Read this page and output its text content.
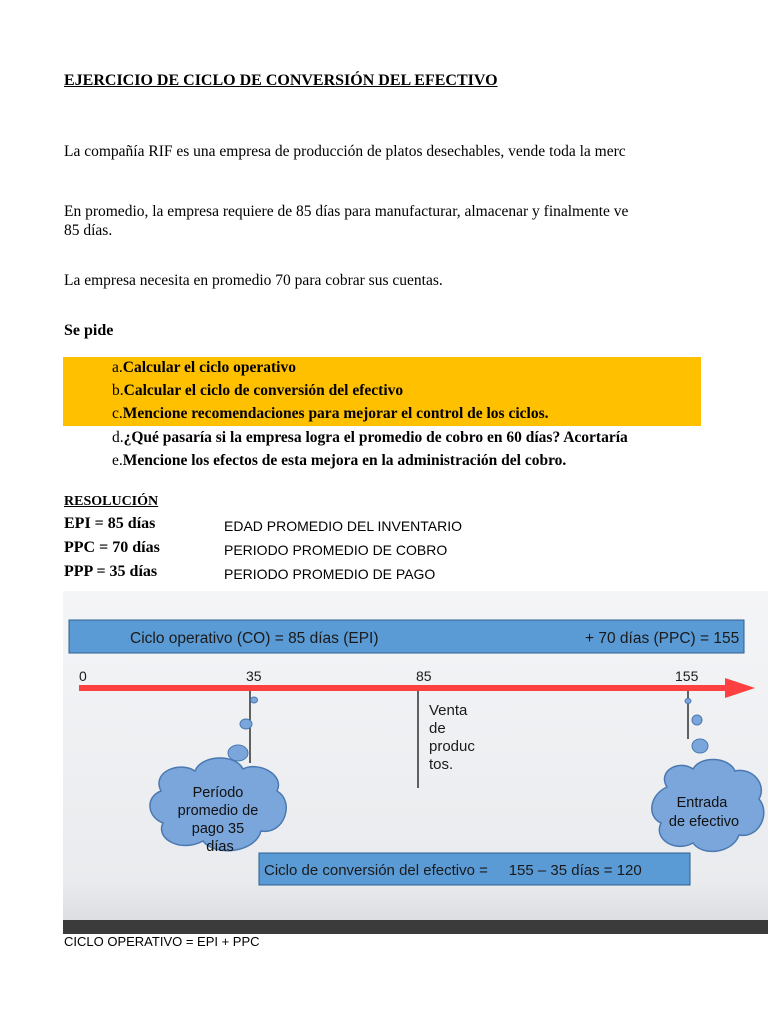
EJERCICIO DE CICLO DE CONVERSIÓN DEL EFECTIVO
La compañía RIF es una empresa de producción de platos desechables, vende toda la merc
En promedio, la empresa requiere de 85 días para manufacturar, almacenar y finalmente ve
85 días.
La empresa necesita en promedio 70 para cobrar sus cuentas.
Se pide
a.Calcular el ciclo operativo
b.Calcular el ciclo de conversión del efectivo
c.Mencione recomendaciones para mejorar el control de los ciclos.
d.¿Qué pasaría si la empresa logra el promedio de cobro en 60 días? Acortaría
e.Mencione los efectos de esta mejora en la administración del cobro.
RESOLUCIÓN
EPI = 85 días	EDAD PROMEDIO DEL INVENTARIO
PPC = 70 días	PERIODO PROMEDIO DE COBRO
PPP = 35 días	PERIODO PROMEDIO DE PAGO
Ciclo operativo (CO) = 85 días (EPI)	+ 70 días (PPC) = 155
0	35	85	155
Venta de produc tos.
Período promedio de pago 35 días
Entrada de efectivo
Ciclo de conversión del efectivo =     155 – 35 días = 120
CICLO OPERATIVO = EPI + PPC
